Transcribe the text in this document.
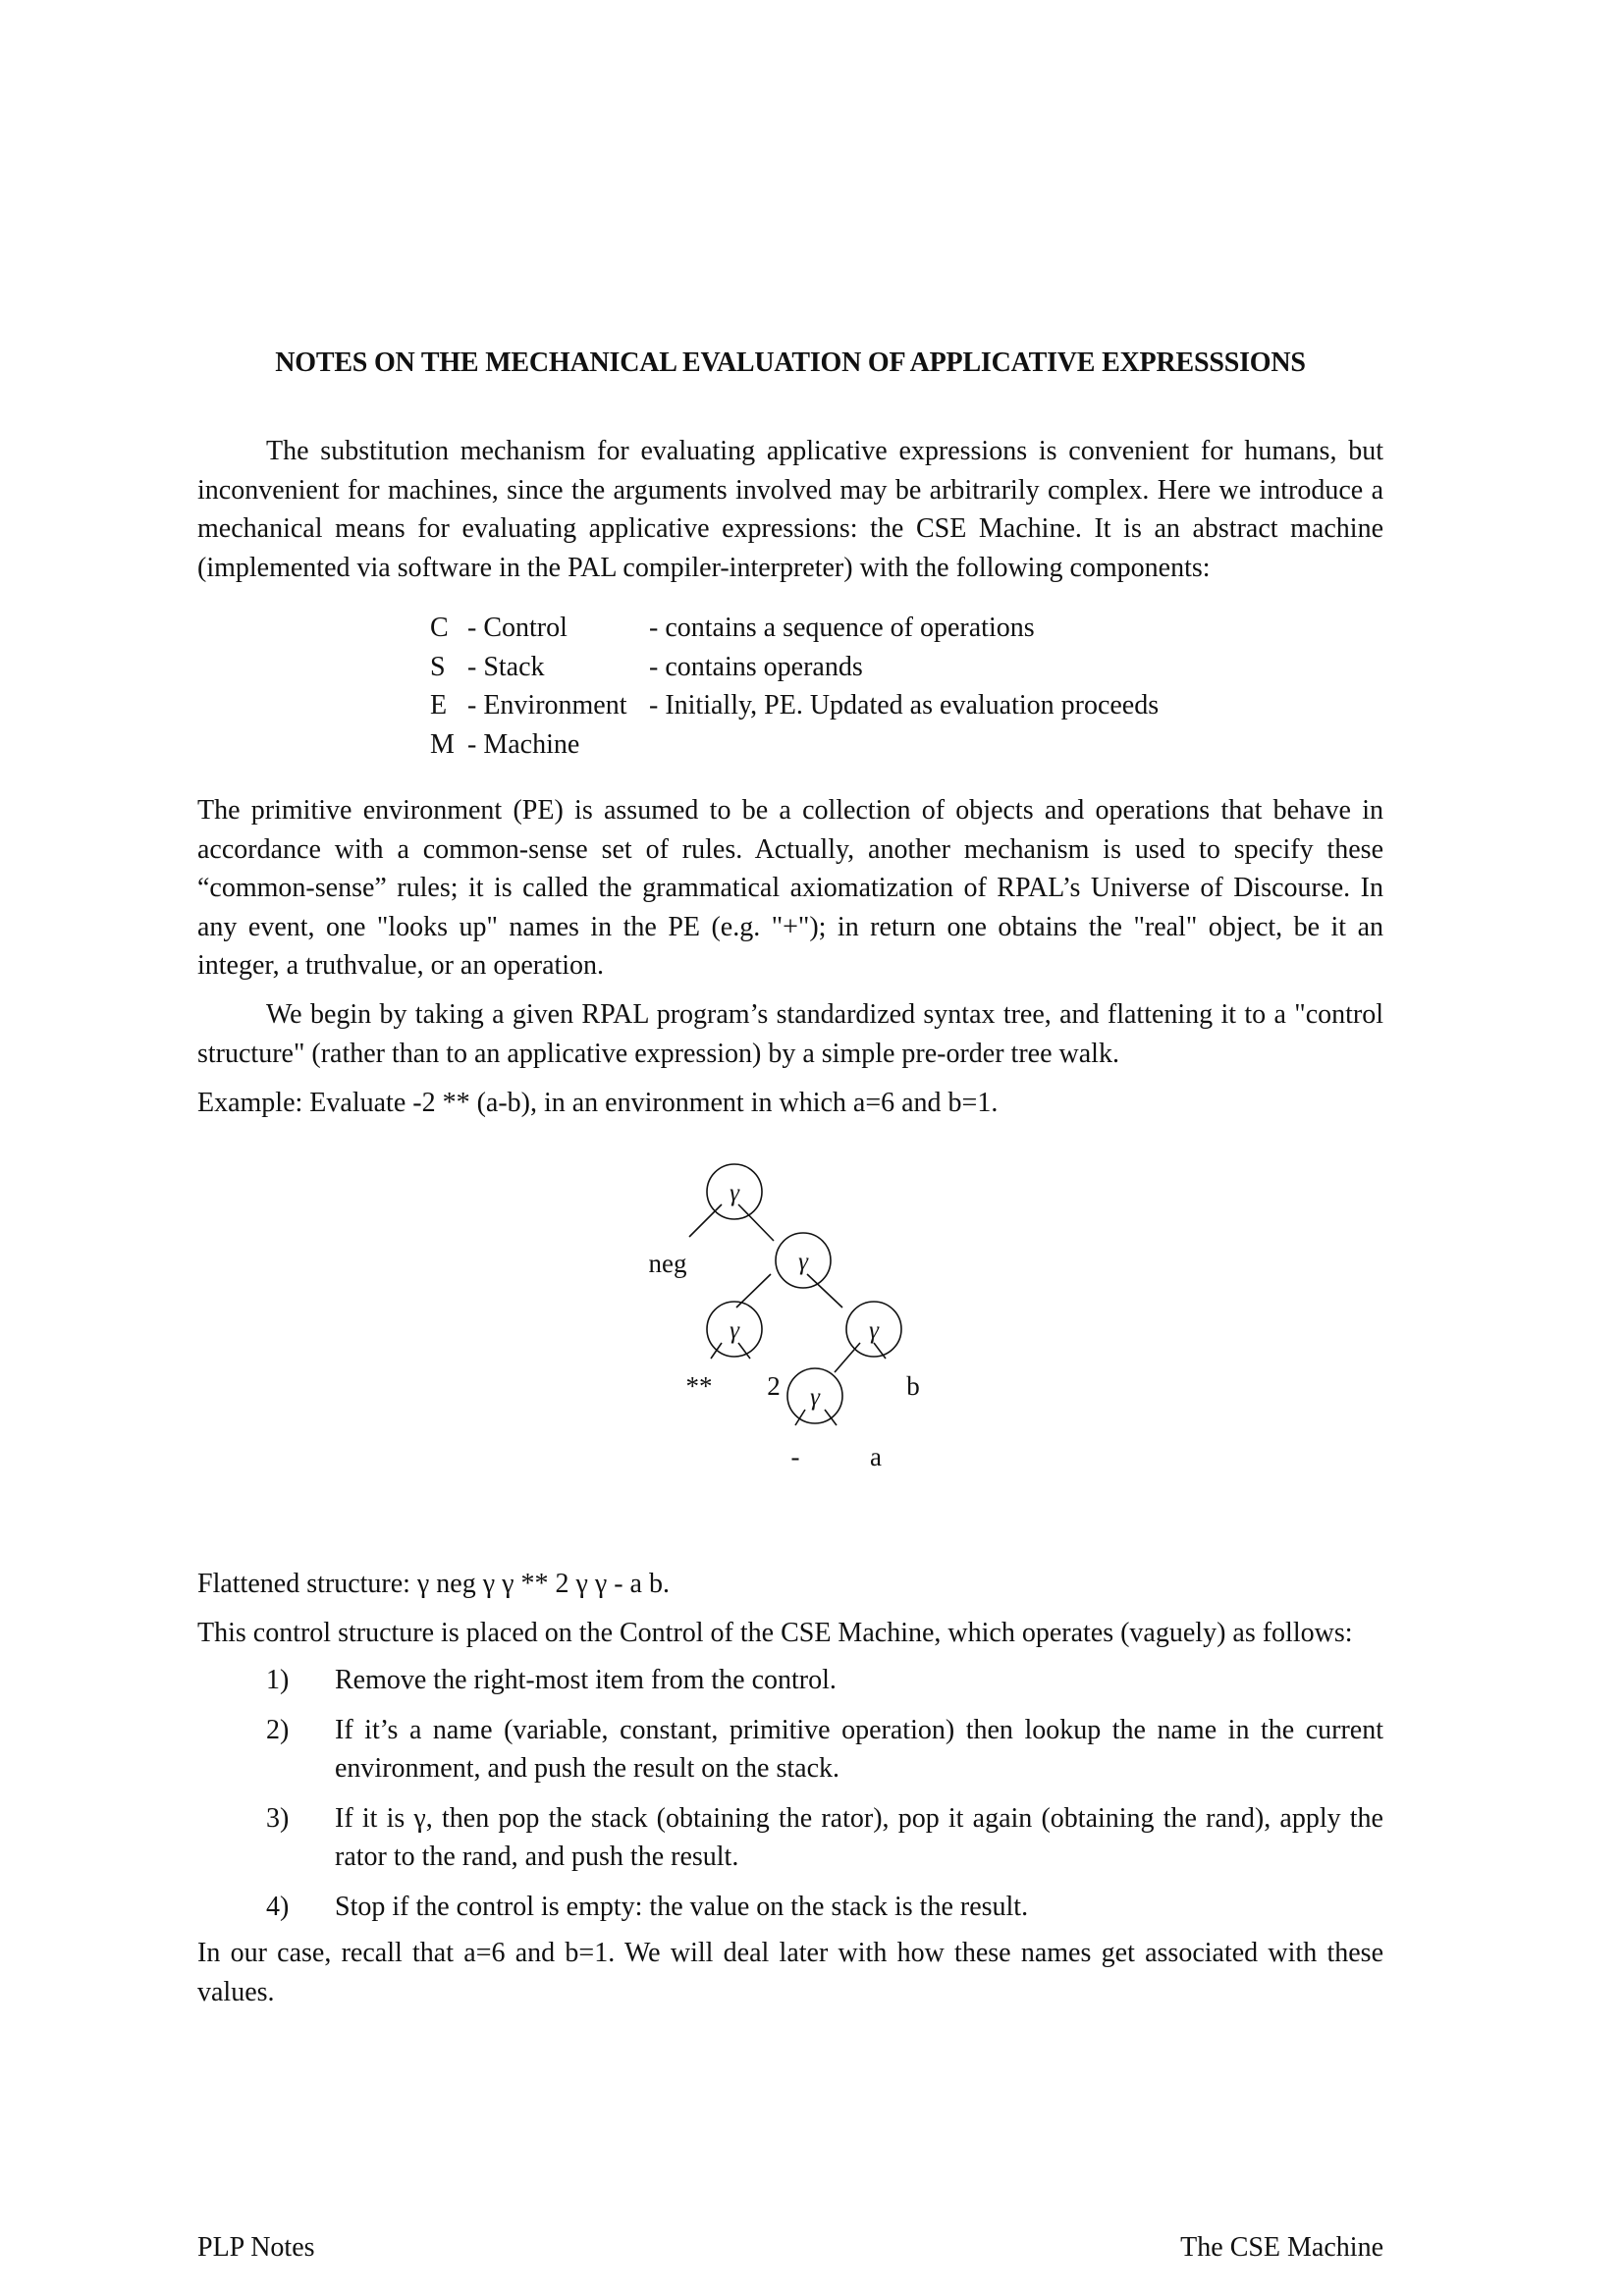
NOTES ON THE MECHANICAL EVALUATION OF APPLICATIVE EXPRESSSIONS

The substitution mechanism for evaluating applicative expressions is convenient for humans, but inconvenient for machines, since the arguments involved may be arbitrarily complex. Here we introduce a mechanical means for evaluating applicative expressions: the CSE Machine. It is an abstract machine (implemented via software in the PAL compiler-interpreter) with the following components:

C	- Control	- contains a sequence of operations
S	- Stack	- contains operands
E	- Environment	- Initially, PE. Updated as evaluation proceeds
M	- Machine	

The primitive environment (PE) is assumed to be a collection of objects and operations that behave in accordance with a common-sense set of rules. Actually, another mechanism is used to specify these “common-sense” rules; it is called the grammatical axiomatization of RPAL’s Universe of Discourse. In any event, one "looks up" names in the PE (e.g. "+"); in return one obtains the "real" object, be it an integer, a truthvalue, or an operation.

We begin by taking a given RPAL program’s standardized syntax tree, and flattening it to a "control structure" (rather than to an applicative expression) by a simple pre-order tree walk.

Example: Evaluate -2 ** (a-b), in an environment in which a=6 and b=1.

γ
γ
γ	γ
γ
neg
** 2	b
-	a

Flattened structure: γ neg γ γ ** 2 γ γ - a b.

This control structure is placed on the Control of the CSE Machine, which operates (vaguely) as follows:

1) Remove the right-most item from the control.
2) If it’s a name (variable, constant, primitive operation) then lookup the name in the current environment, and push the result on the stack.
3) If it is γ, then pop the stack (obtaining the rator), pop it again (obtaining the rand), apply the rator to the rand, and push the result.
4) Stop if the control is empty: the value on the stack is the result.

In our case, recall that a=6 and b=1. We will deal later with how these names get associated with these values.

PLP Notes	The CSE Machine
